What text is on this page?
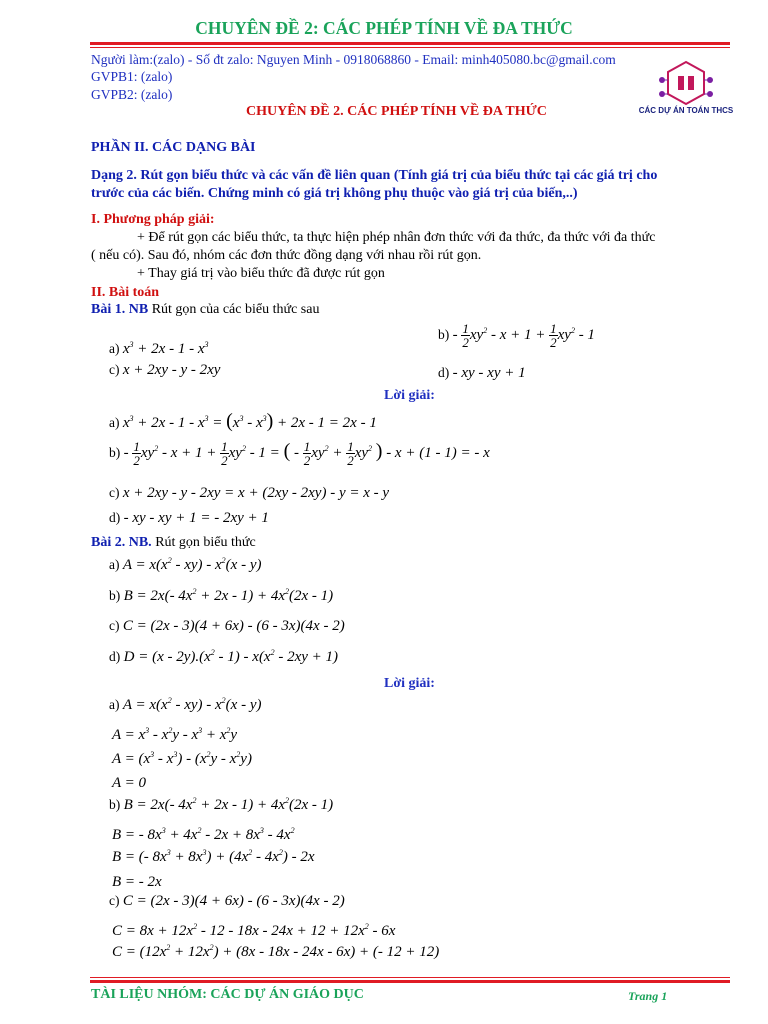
CHUYÊN ĐỀ 2: CÁC PHÉP TÍNH VỀ ĐA THỨC
Người làm:(zalo) - Số đt zalo: Nguyen Minh - 0918068860 - Email: minh405080.bc@gmail.com
GVPB1: (zalo)
GVPB2: (zalo)
CHUYÊN ĐỀ 2. CÁC PHÉP TÍNH VỀ ĐA THỨC	CÁC DỰ ÁN TOÁN THCS
PHẦN II. CÁC DẠNG BÀI
Dạng 2. Rút gọn biểu thức và các vấn đề liên quan (Tính giá trị của biểu thức tại các giá trị cho
trước của các biến. Chứng minh có giá trị không phụ thuộc vào giá trị của biến,..)
I. Phương pháp giải:
+ Để rút gọn các biểu thức, ta thực hiện phép nhân đơn thức với đa thức, đa thức với đa thức
( nếu có). Sau đó, nhóm các đơn thức đồng dạng với nhau rồi rút gọn.
+ Thay giá trị vào biểu thức đã được rút gọn
II. Bài toán
Bài 1. NB Rút gọn của các biểu thức sau
a) $x^3 + 2x - 1 - x^3$
c) x + 2xy - y - 2xy
$b) - \frac{1}{2} xy^2 - x + 1 + \frac{1}{2} xy^2 - 1$
d) - xy - xy + 1
Lời giải:
a) $x^3 + 2x - 1 - x^3 = (x^3 - x^3) + 2x - 1 = 2x - 1$
$b) - \frac{1}{2} xy^2 - x + 1 + \frac{1}{2} xy^2 - 1$ = ( - $\frac{1}{2} xy^2 + \frac{1}{2} xy^2$ ) - x + (1 - 1) = - x
c) x + 2xy - y - 2xy = x + (2xy - 2xy) - y = x - y
d) - xy - xy + 1 = - 2xy + 1
Bài 2. NB. Rút gọn biểu thức
a) $A = x(x^2 - xy) - x^2(x - y)$
b) B = 2x(- $4x^2 + 2x - 1) + 4x^2(2x - 1)$
c) C = (2x - 3)(4 + 6x) - (6 - 3x)(4x - 2)
d) $D = (x - 2y).(x^2 - 1) - x(x^2 - 2xy + 1)$
Lời giải:
a) $A = x(x^2 - xy) - x^2(x - y)$
$A = x^3 - x^2y - x^3 + x^2y$
$A = (x^3 - x^3) - (x^2y - x^2y)$
A = 0
b) B = 2x(- $4x^2 + 2x - 1) + 4x^2(2x - 1)$
B = - $8x^3 + 4x^2 - 2x + 8x^3 - 4x^2$
B = (- $8x^3 + 8x^3) + (4x^2 - 4x^2) - 2x$
B = - 2x
c) C = (2x - 3)(4 + 6x) - (6 - 3x)(4x - 2)
$C = 8x + 12x^2 - 12 - 18x - 24x + 12 + 12x^2 - 6x$
$C = (12x^2 + 12x^2) + (8x - 18x - 24x - 6x)$ + (- 12 + 12)
TÀI LIỆU NHÓM: CÁC DỰ ÁN GIÁO DỤC	Trang 1
